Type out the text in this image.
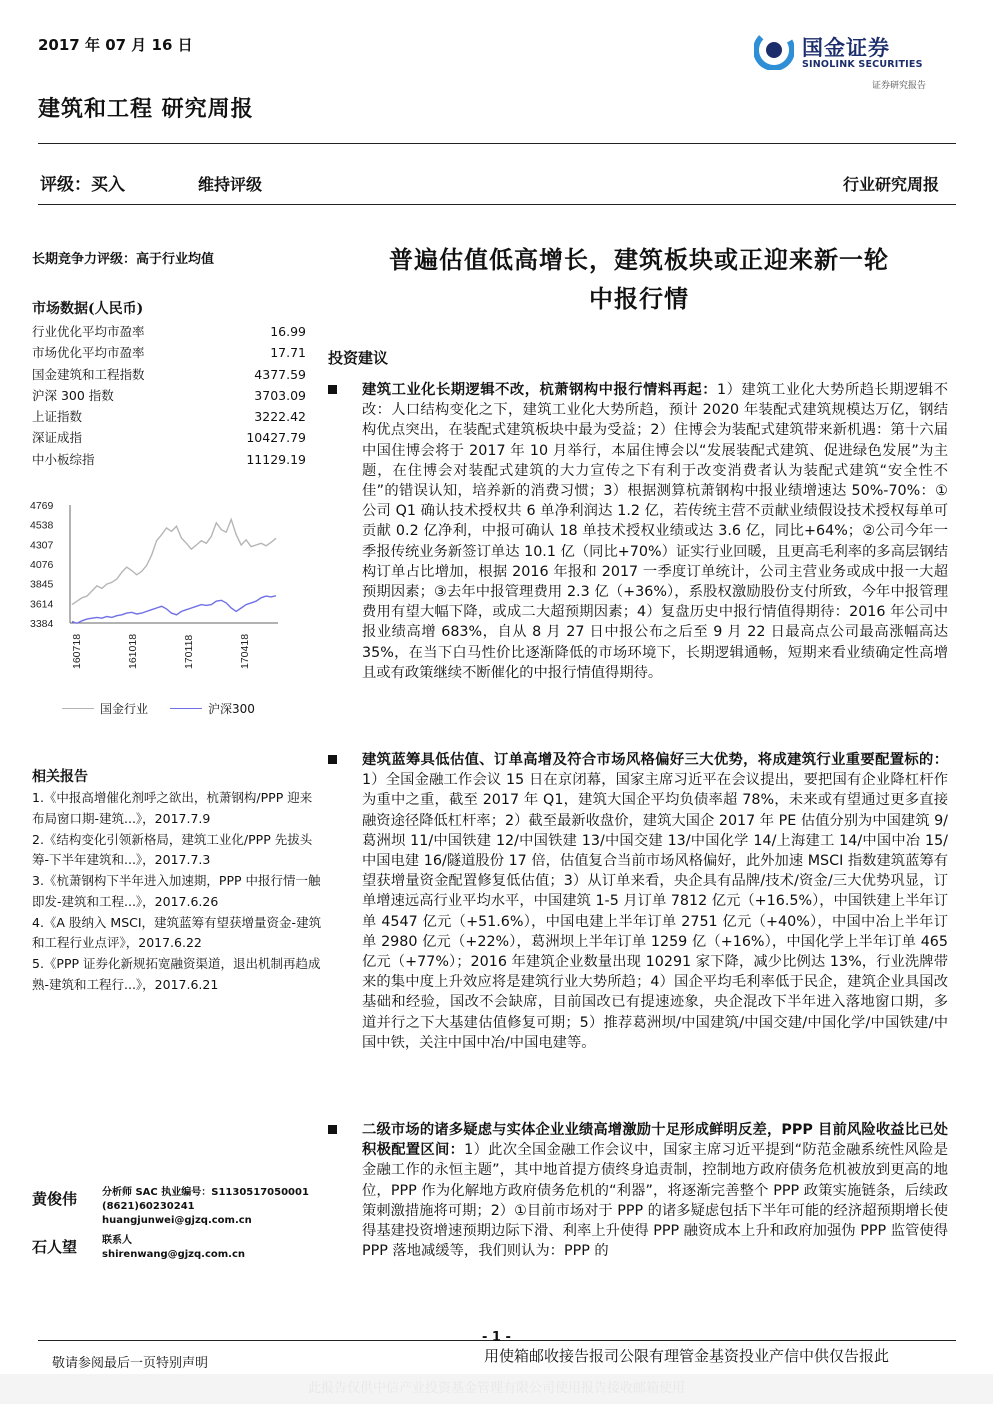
2017 年 07 月 16 日	国金证券
SINOLINK SECURITIES
证券研究报告
建筑和工程 研究周报
评级：买入	维持评级	行业研究周报
长期竞争力评级：高于行业均值
市场数据(人民币)
行业优化平均市盈率	16.99
市场优化平均市盈率	17.71
国金建筑和工程指数	4377.59
沪深 300 指数	3703.09
上证指数	3222.42
深证成指	10427.79
中小板综指	11129.19
4769
4538
4307
4076
3845
3614
3384
160718	161018	170118	170418
国金行业	沪深300
相关报告
1.《中报高增催化剂呼之欲出，杭萧钢构/PPP 迎来布局窗口期-建筑...》，2017.7.9
2.《结构变化引领新格局，建筑工业化/PPP 先拔头筹-下半年建筑和...》，2017.7.3
3.《杭萧钢构下半年进入加速期，PPP 中报行情一触即发-建筑和工程...》，2017.6.26
4.《A 股纳入 MSCI，建筑蓝筹有望获增量资金-建筑和工程行业点评》，2017.6.22
5.《PPP 证券化新规拓宽融资渠道，退出机制再趋成熟-建筑和工程行...》，2017.6.21
黄俊伟	分析师 SAC 执业编号：S1130517050001
(8621)60230241
huangjunwei@gjzq.com.cn
石人望	联系人
shirenwang@gjzq.com.cn
普遍估值低高增长，建筑板块或正迎来新一轮
中报行情
投资建议

建筑工业化长期逻辑不改，杭萧钢构中报行情料再起：1）建筑工业化大势所趋长期逻辑不改：人口结构变化之下，建筑工业化大势所趋，预计 2020 年装配式建筑规模达万亿，钢结构优点突出，在装配式建筑板块中最为受益；2）住博会为装配式建筑带来新机遇：第十六届中国住博会将于 2017 年 10 月举行，本届住博会以“发展装配式建筑、促进绿色发展”为主题，在住博会对装配式建筑的大力宣传之下有利于改变消费者认为装配式建筑“安全性不佳”的错误认知，培养新的消费习惯；3）根据测算杭萧钢构中报业绩增速达 50%-70%：①公司 Q1 确认技术授权共 6 单净利润达 1.2 亿，若传统主营不贡献业绩假设技术授权每单可贡献 0.2 亿净利，中报可确认 18 单技术授权业绩或达 3.6 亿，同比+64%；②公司今年一季报传统业务新签订单达 10.1 亿（同比+70%）证实行业回暖，且更高毛利率的多高层钢结构订单占比增加，根据 2016 年报和 2017 一季度订单统计，公司主营业务或成中报一大超预期因素；③去年中报管理费用 2.3 亿（+36%），系股权激励股份支付所致，今年中报管理费用有望大幅下降，或成二大超预期因素；4）复盘历史中报行情值得期待：2016 年公司中报业绩高增 683%，自从 8 月 27 日中报公布之后至 9 月 22 日最高点公司最高涨幅高达 35%，在当下白马性价比逐渐降低的市场环境下，长期逻辑通畅，短期来看业绩确定性高增且或有政策继续不断催化的中报行情值得期待。

建筑蓝筹具低估值、订单高增及符合市场风格偏好三大优势，将成建筑行业重要配置标的：1）全国金融工作会议 15 日在京闭幕，国家主席习近平在会议提出，要把国有企业降杠杆作为重中之重，截至 2017 年 Q1，建筑大国企平均负债率超 78%，未来或有望通过更多直接融资途径降低杠杆率；2）截至最新收盘价，建筑大国企 2017 年 PE 估值分别为中国建筑 9/葛洲坝 11/中国铁建 12/中国铁建 13/中国交建 13/中国化学 14/上海建工 14/中国中冶 15/中国电建 16/隧道股份 17 倍，估值复合当前市场风格偏好，此外加速 MSCI 指数建筑蓝筹有望获增量资金配置修复低估值；3）从订单来看，央企具有品牌/技术/资金/三大优势巩显，订单增速远高行业平均水平，中国建筑 1-5 月订单 7812 亿元（+16.5%），中国铁建上半年订单 4547 亿元（+51.6%），中国电建上半年订单 2751 亿元（+40%），中国中冶上半年订单 2980 亿元（+22%），葛洲坝上半年订单 1259 亿（+16%），中国化学上半年订单 465 亿元（+77%）；2016 年建筑企业数量出现 10291 家下降，减少比例达 13%，行业洗牌带来的集中度上升效应将是建筑行业大势所趋；4）国企平均毛利率低于民企，建筑企业具国改基础和经验，国改不会缺席，目前国改已有提速迹象，央企混改下半年进入落地窗口期，多道并行之下大基建估值修复可期；5）推荐葛洲坝/中国建筑/中国交建/中国化学/中国铁建/中国中铁，关注中国中冶/中国电建等。

二级市场的诸多疑虑与实体企业业绩高增激励十足形成鲜明反差，PPP 目前风险收益比已处积极配置区间：1）此次全国金融工作会议中，国家主席习近平提到“防范金融系统性风险是金融工作的永恒主题”，其中地首提方债终身追责制，控制地方政府债务危机被放到更高的地位，PPP 作为化解地方政府债务危机的“利器”，将逐渐完善整个 PPP 政策实施链条，后续政策刺激措施将可期；2）①目前市场对于 PPP 的诸多疑虑包括下半年可能的经济超预期增长使得基建投资增速预期边际下滑、利率上升使得 PPP 融资成本上升和政府加强伪 PPP 监管使得 PPP 落地减缓等，我们则认为：PPP 的

- 1 -
敬请参阅最后一页特别声明	用使箱邮收接告报司公限有理管金基资投业产信中供仅告报此
此报告仅供中信产业投资基金管理有限公司使用报告接收邮箱使用
